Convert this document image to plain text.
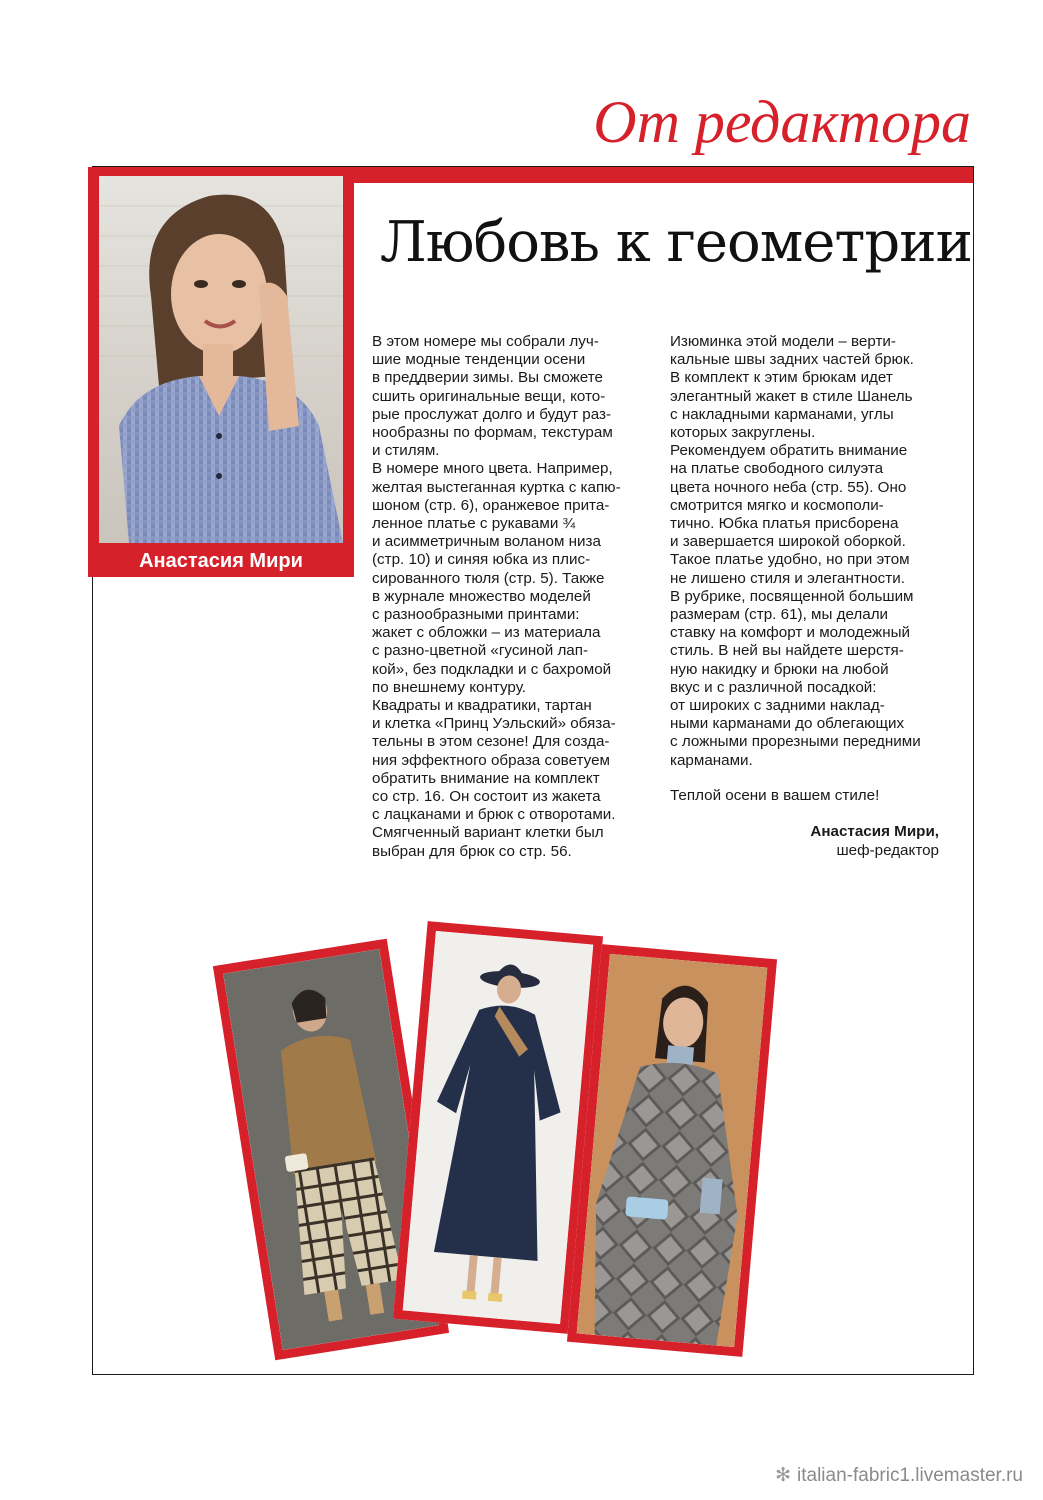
От редактора
Анастасия Мири
Любовь к геометрии
В этом номере мы собрали луч-
шие модные тенденции осени
в преддверии зимы. Вы сможете
сшить оригинальные вещи, кото-
рые прослужат долго и будут раз-
нообразны по формам, текстурам
и стилям.
В номере много цвета. Например,
желтая выстеганная куртка с капю-
шоном (стр. 6), оранжевое прита-
ленное платье с рукавами ¾
и асимметричным воланом низа
(стр. 10) и синяя юбка из плис-
сированного тюля (стр. 5). Также
в журнале множество моделей
с разнообразными принтами:
жакет с обложки – из материала
с разно-цветной «гусиной лап-
кой», без подкладки и с бахромой
по внешнему контуру.
Квадраты и квадратики, тартан
и клетка «Принц Уэльский» обяза-
тельны в этом сезоне! Для созда-
ния эффектного образа советуем
обратить внимание на комплект
со стр. 16. Он состоит из жакета
с лацканами и брюк с отворотами.
Смягченный вариант клетки был
выбран для брюк со стр. 56.
Изюминка этой модели – верти-
кальные швы задних частей брюк.
В комплект к этим брюкам идет
элегантный жакет в стиле Шанель
с накладными карманами, углы
которых закруглены.
Рекомендуем обратить внимание
на платье свободного силуэта
цвета ночного неба (стр. 55). Оно
смотрится мягко и космополи-
тично. Юбка платья присборена
и завершается широкой оборкой.
Такое платье удобно, но при этом
не лишено стиля и элегантности.
В рубрике, посвященной большим
размерам (стр. 61), мы делали
ставку на комфорт и молодежный
стиль. В ней вы найдете шерстя-
ную накидку и брюки на любой
вкус и с различной посадкой:
от широких с задними наклад-
ными карманами до облегающих
с ложными прорезными передними
карманами.
Теплой осени в вашем стиле!
Анастасия Мири,
шеф-редактор
✻ italian-fabric1.livemaster.ru
